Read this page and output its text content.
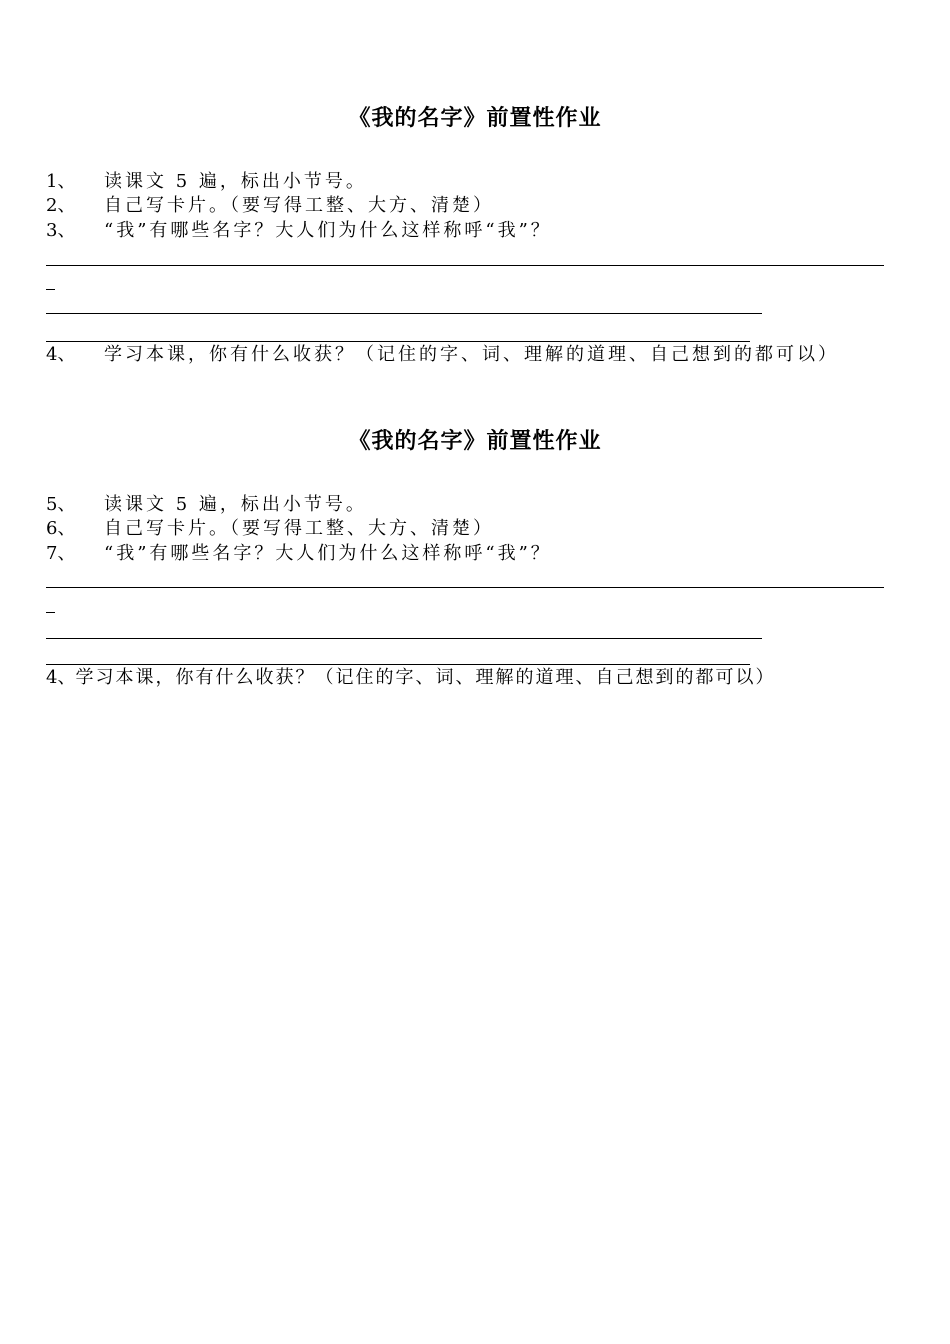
《我的名字》前置性作业
1、 读课文 5 遍，标出小节号。
2、 自己写卡片。（要写得工整、大方、清楚）
3、 “我”有哪些名字？大人们为什么这样称呼“我”？
4、 学习本课，你有什么收获？（记住的字、词、理解的道理、自己想到的都可以）
《我的名字》前置性作业
5、 读课文 5 遍，标出小节号。
6、 自己写卡片。（要写得工整、大方、清楚）
7、 “我”有哪些名字？大人们为什么这样称呼“我”？
4、学习本课，你有什么收获？（记住的字、词、理解的道理、自己想到的都可以）
